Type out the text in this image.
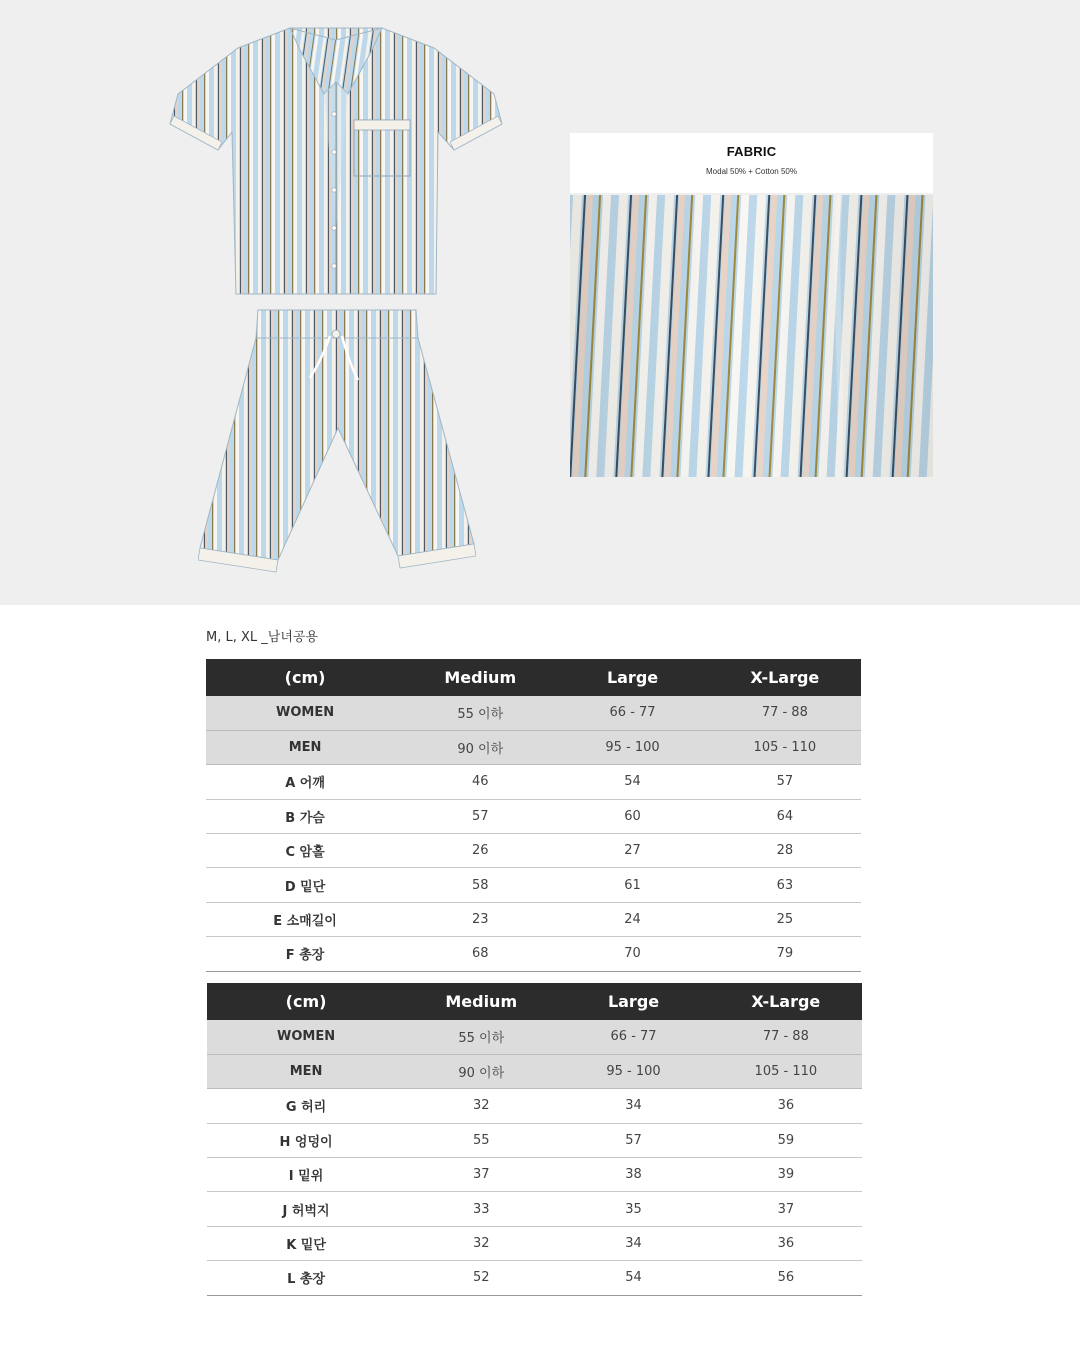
FABRIC
Modal 50% + Cotton 50%
M, L, XL _남녀공용
(cm)	Medium	Large	X-Large
WOMEN	55 이하	66 - 77	77 - 88
MEN	90 이하	95 - 100	105 - 110
A 어깨	46	54	57
B 가슴	57	60	64
C 암홀	26	27	28
D 밑단	58	61	63
E 소매길이	23	24	25
F 총장	68	70	79
(cm)	Medium	Large	X-Large
WOMEN	55 이하	66 - 77	77 - 88
MEN	90 이하	95 - 100	105 - 110
G 허리	32	34	36
H 엉덩이	55	57	59
I 밑위	37	38	39
J 허벅지	33	35	37
K 밑단	32	34	36
L 총장	52	54	56
